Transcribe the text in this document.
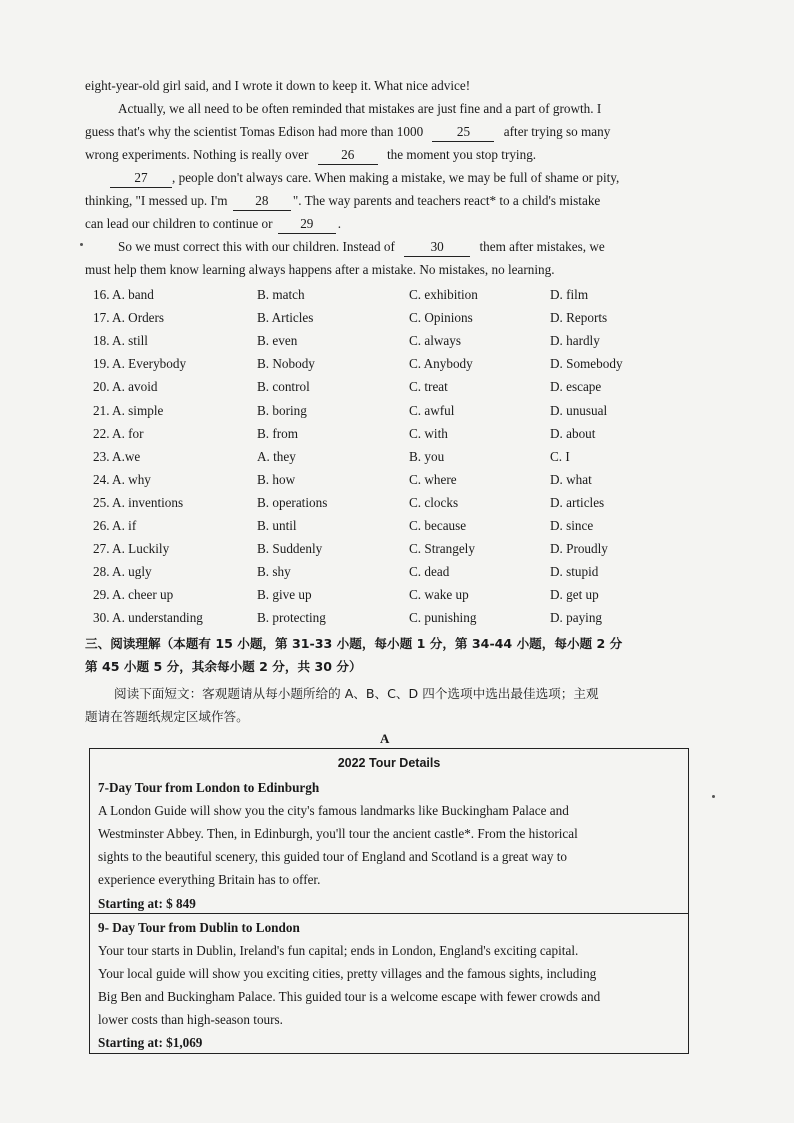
eight-year-old girl said, and I wrote it down to keep it. What nice advice!
Actually, we all need to be often reminded that mistakes are just fine and a part of growth. I
guess that's why the scientist Tomas Edison had more than 1000	25	after trying so many
wrong experiments. Nothing is really over 26 the moment you stop trying.
27 , people don't always care. When making a mistake, we may be full of shame or pity,
thinking, "I messed up. I'm 28 ". The way parents and teachers react* to a child's mistake
can lead our children to continue or 29 .
So we must correct this with our children. Instead of	30	them after mistakes, we
must help them know learning always happens after a mistake. No mistakes, no learning.
16. A. band	B. match	C. exhibition	D. film
17. A. Orders	B. Articles	C. Opinions	D. Reports
18. A. still	B. even	C. always	D. hardly
19. A. Everybody	B. Nobody	C. Anybody	D. Somebody
20. A. avoid	B. control	C. treat	D. escape
21. A. simple	B. boring	C. awful	D. unusual
22. A. for	B. from	C. with	D. about
23. A.we	A. they	B. you	C. I
24. A. why	B. how	C. where	D. what
25. A. inventions	B. operations	C. clocks	D. articles
26. A. if	B. until	C. because	D. since
27. A. Luckily	B. Suddenly	C. Strangely	D. Proudly
28. A. ugly	B. shy	C. dead	D. stupid
29. A. cheer up	B. give up	C. wake up	D. get up
30. A. understanding	B. protecting	C. punishing	D. paying
三、阅读理解（本题有 15 小题，第 31-33 小题，每小题 1 分，第 34-44 小题，每小题 2 分
第 45 小题 5 分，其余每小题 2 分，共 30 分）
阅读下面短文：客观题请从每小题所给的 A、B、C、D 四个选项中选出最佳选项；主观
题请在答题纸规定区域作答。
A
2022 Tour Details
7-Day Tour from London to Edinburgh
A London Guide will show you the city's famous landmarks like Buckingham Palace and
Westminster Abbey. Then, in Edinburgh, you'll tour the ancient castle*. From the historical
sights to the beautiful scenery, this guided tour of England and Scotland is a great way to
experience everything Britain has to offer.
Starting at: $ 849
9- Day Tour from Dublin to London
Your tour starts in Dublin, Ireland's fun capital; ends in London, England's exciting capital.
Your local guide will show you exciting cities, pretty villages and the famous sights, including
Big Ben and Buckingham Palace. This guided tour is a welcome escape with fewer crowds and
lower costs than high-season tours.
Starting at: $1,069
